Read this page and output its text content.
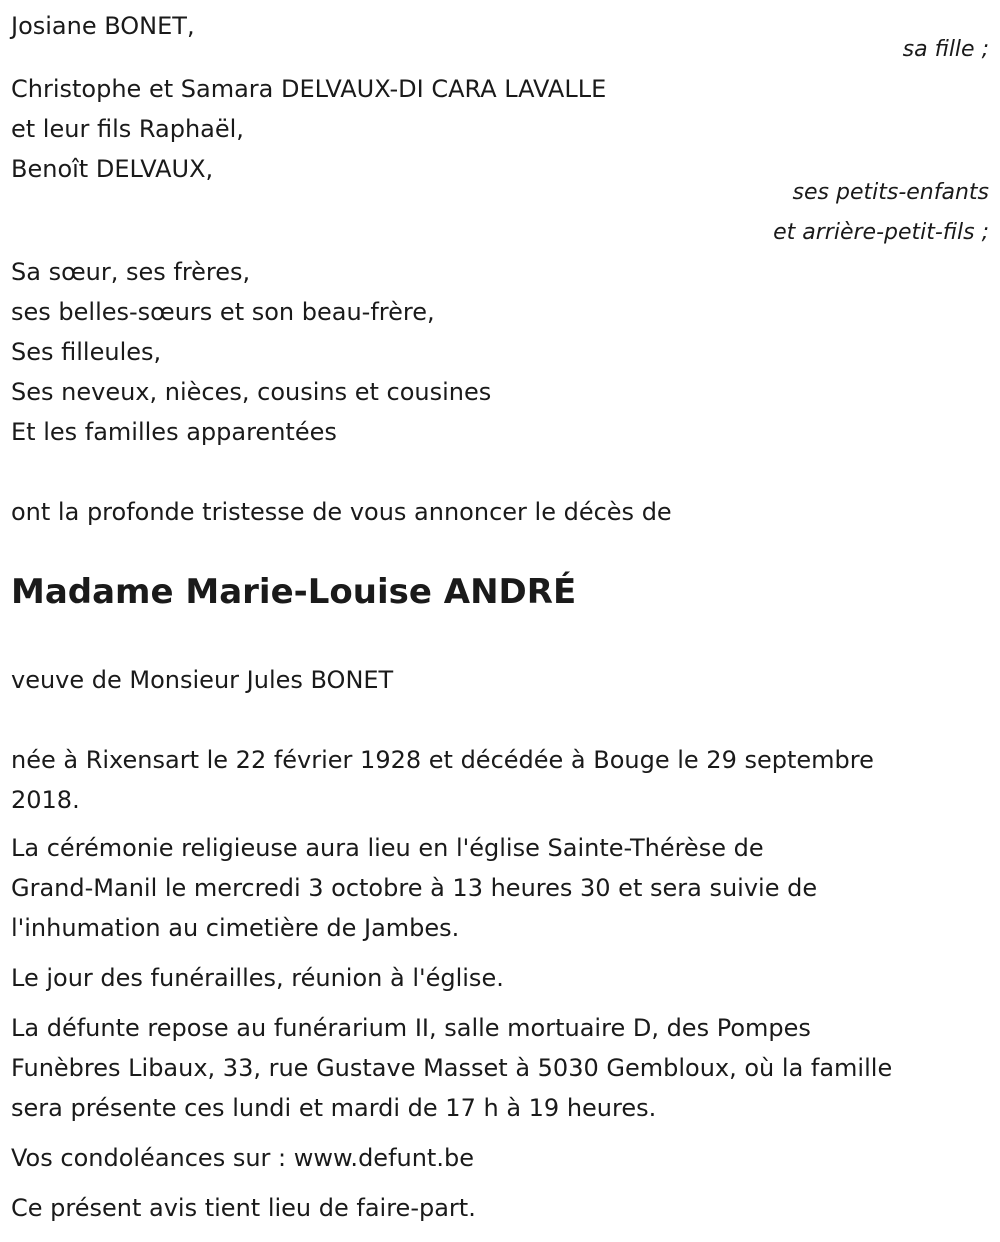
Josiane BONET,
sa fille ;
Christophe et Samara DELVAUX-DI CARA LAVALLE
et leur fils Raphaël,
Benoît DELVAUX,
ses petits-enfants
et arrière-petit-fils ;
Sa sœur, ses frères,
ses belles-sœurs et son beau-frère,
Ses filleules,
Ses neveux, nièces, cousins et cousines
Et les familles apparentées
ont la profonde tristesse de vous annoncer le décès de
Madame Marie-Louise ANDRÉ
veuve de Monsieur Jules BONET
née à Rixensart le 22 février 1928 et décédée à Bouge le 29 septembre
2018.
La cérémonie religieuse aura lieu en l'église Sainte-Thérèse de
Grand-Manil le mercredi 3 octobre à 13 heures 30 et sera suivie de
l'inhumation au cimetière de Jambes.
Le jour des funérailles, réunion à l'église.
La défunte repose au funérarium II, salle mortuaire D, des Pompes
Funèbres Libaux, 33, rue Gustave Masset à 5030 Gembloux, où la famille
sera présente ces lundi et mardi de 17 h à 19 heures.
Vos condoléances sur : www.defunt.be
Ce présent avis tient lieu de faire-part.
